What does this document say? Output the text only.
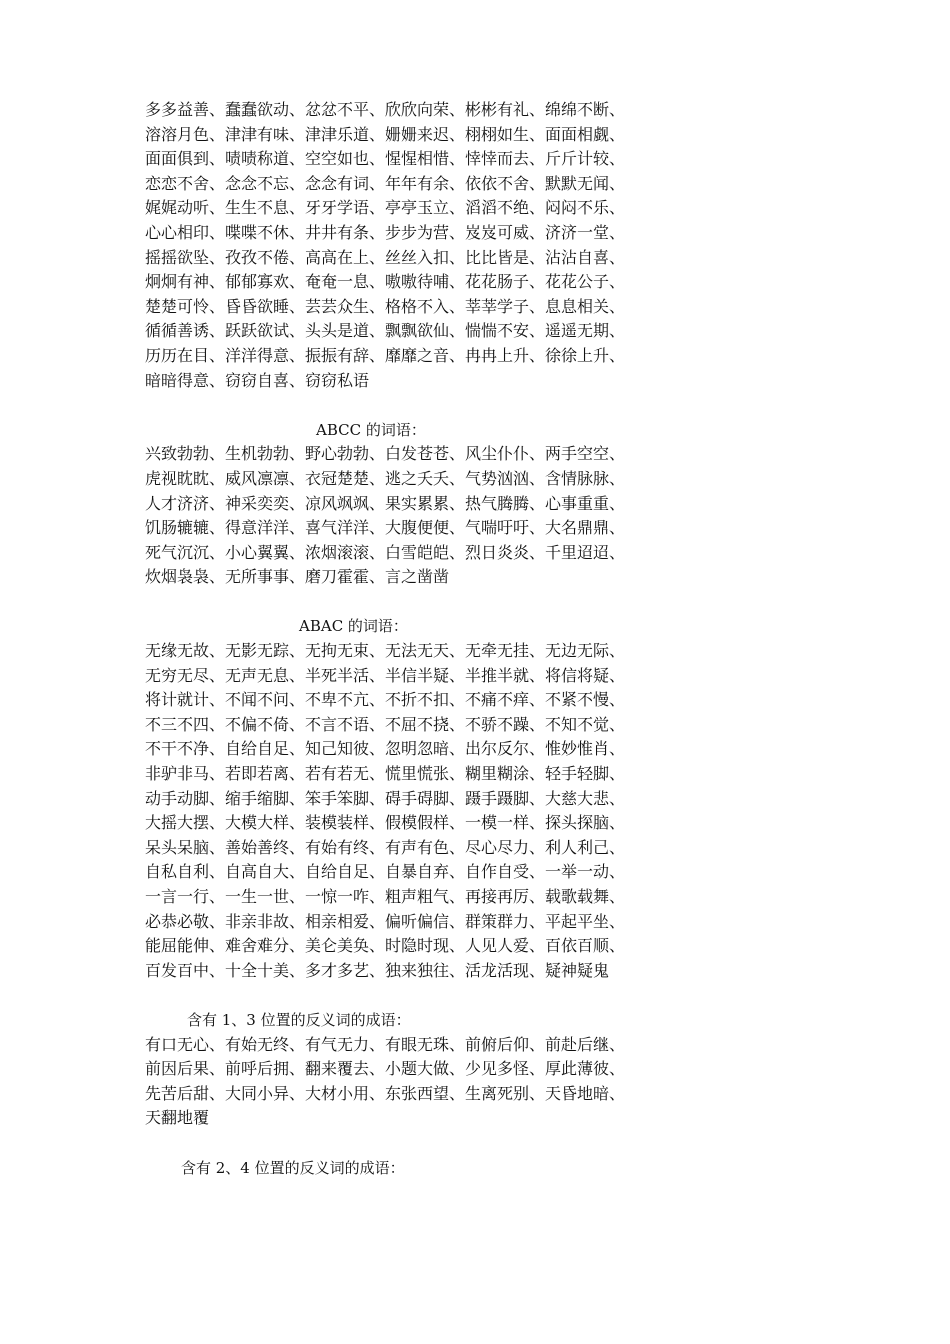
多多益善、蠢蠢欲动、忿忿不平、欣欣向荣、彬彬有礼、绵绵不断、
溶溶月色、津津有味、津津乐道、姗姗来迟、栩栩如生、面面相觑、
面面俱到、啧啧称道、空空如也、惺惺相惜、悻悻而去、斤斤计较、
恋恋不舍、念念不忘、念念有词、年年有余、依依不舍、默默无闻、
娓娓动听、生生不息、牙牙学语、亭亭玉立、滔滔不绝、闷闷不乐、
心心相印、喋喋不休、井井有条、步步为营、岌岌可威、济济一堂、
摇摇欲坠、孜孜不倦、高高在上、丝丝入扣、比比皆是、沾沾自喜、
炯炯有神、郁郁寡欢、奄奄一息、嗷嗷待哺、花花肠子、花花公子、
楚楚可怜、昏昏欲睡、芸芸众生、格格不入、莘莘学子、息息相关、
循循善诱、跃跃欲试、头头是道、飘飘欲仙、惴惴不安、遥遥无期、
历历在目、洋洋得意、振振有辞、靡靡之音、冉冉上升、徐徐上升、
暗暗得意、窃窃自喜、窃窃私语

ABCC 的词语：

兴致勃勃、生机勃勃、野心勃勃、白发苍苍、风尘仆仆、两手空空、
虎视眈眈、威风凛凛、衣冠楚楚、逃之夭夭、气势汹汹、含情脉脉、
人才济济、神采奕奕、凉风飒飒、果实累累、热气腾腾、心事重重、
饥肠辘辘、得意洋洋、喜气洋洋、大腹便便、气喘吁吁、大名鼎鼎、
死气沉沉、小心翼翼、浓烟滚滚、白雪皑皑、烈日炎炎、千里迢迢、
炊烟袅袅、无所事事、磨刀霍霍、言之凿凿

ABAC 的词语：

无缘无故、无影无踪、无拘无束、无法无天、无牵无挂、无边无际、
无穷无尽、无声无息、半死半活、半信半疑、半推半就、将信将疑、
将计就计、不闻不问、不卑不亢、不折不扣、不痛不痒、不紧不慢、
不三不四、不偏不倚、不言不语、不屈不挠、不骄不躁、不知不觉、
不干不净、自给自足、知己知彼、忽明忽暗、出尔反尔、惟妙惟肖、
非驴非马、若即若离、若有若无、慌里慌张、糊里糊涂、轻手轻脚、
动手动脚、缩手缩脚、笨手笨脚、碍手碍脚、蹑手蹑脚、大慈大悲、
大摇大摆、大模大样、装模装样、假模假样、一模一样、探头探脑、
呆头呆脑、善始善终、有始有终、有声有色、尽心尽力、利人利己、
自私自利、自高自大、自给自足、自暴自弃、自作自受、一举一动、
一言一行、一生一世、一惊一咋、粗声粗气、再接再厉、载歌载舞、
必恭必敬、非亲非故、相亲相爱、偏听偏信、群策群力、平起平坐、
能屈能伸、难舍难分、美仑美奂、时隐时现、人见人爱、百依百顺、
百发百中、十全十美、多才多艺、独来独往、活龙活现、疑神疑鬼

含有 1、3 位置的反义词的成语：

有口无心、有始无终、有气无力、有眼无珠、前俯后仰、前赴后继、
前因后果、前呼后拥、翻来覆去、小题大做、少见多怪、厚此薄彼、
先苦后甜、大同小异、大材小用、东张西望、生离死别、天昏地暗、
天翻地覆

含有 2、4 位置的反义词的成语：
